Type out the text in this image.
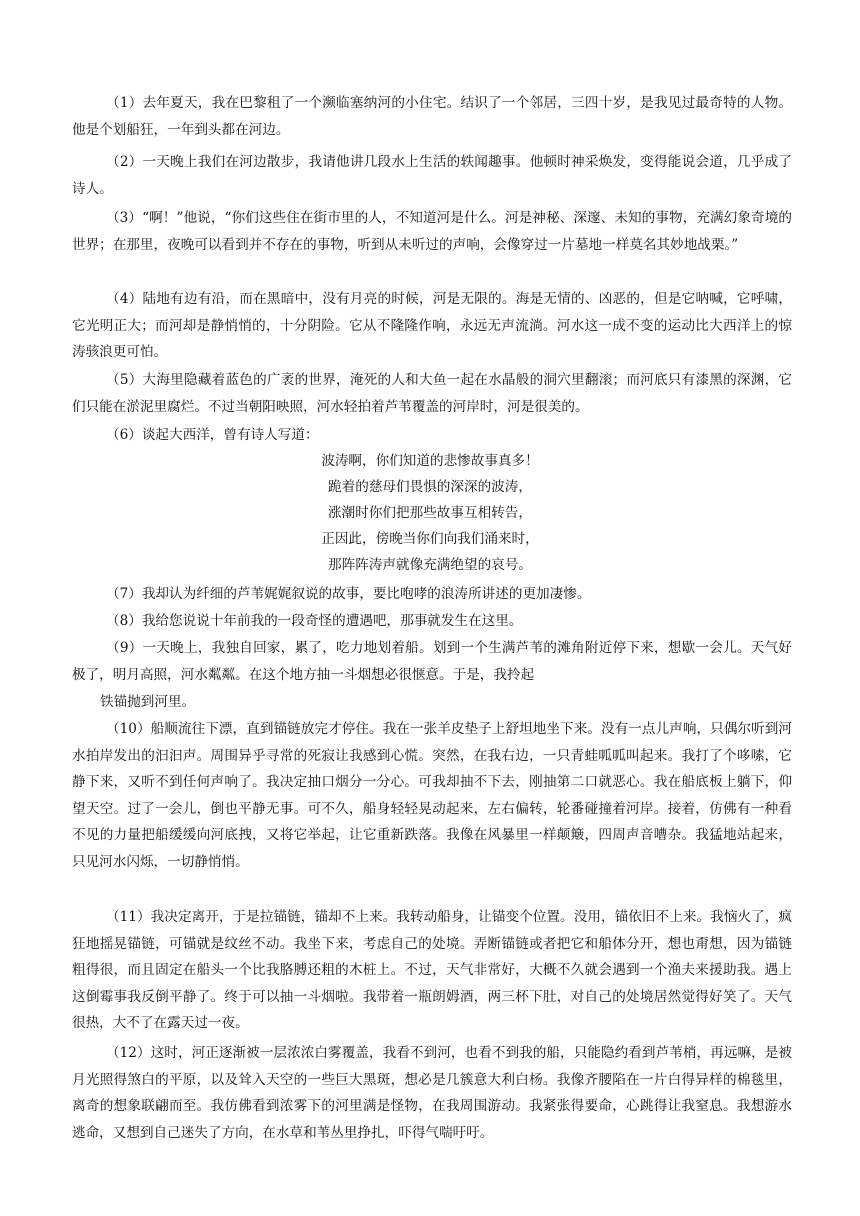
（1）去年夏天，我在巴黎租了一个濒临塞纳河的小住宅。结识了一个邻居，三四十岁，是我见过最奇特的人物。他是个划船狂，一年到头都在河边。

（2）一天晚上我们在河边散步，我请他讲几段水上生活的轶闻趣事。他顿时神采焕发，变得能说会道，几乎成了诗人。

（3）“啊！”他说，“你们这些住在街市里的人，不知道河是什么。河是神秘、深邃、未知的事物，充满幻象奇境的世界；在那里，夜晚可以看到并不存在的事物，听到从未听过的声响，会像穿过一片墓地一样莫名其妙地战栗。”

（4）陆地有边有沿，而在黑暗中，没有月亮的时候，河是无限的。海是无情的、凶恶的，但是它呐喊，它呼啸，它光明正大；而河却是静悄悄的，十分阴险。它从不隆隆作响，永远无声流淌。河水这一成不变的运动比大西洋上的惊涛骇浪更可怕。

（5）大海里隐藏着蓝色的广袤的世界，淹死的人和大鱼一起在水晶般的洞穴里翻滚；而河底只有漆黑的深渊，它们只能在淤泥里腐烂。不过当朝阳映照，河水轻拍着芦苇覆盖的河岸时，河是很美的。

（6）谈起大西洋，曾有诗人写道：

波涛啊，你们知道的悲惨故事真多！
跪着的慈母们畏惧的深深的波涛，
涨潮时你们把那些故事互相转告，
正因此，傍晚当你们向我们涌来时，
那阵阵涛声就像充满绝望的哀号。

（7）我却认为纤细的芦苇娓娓叙说的故事，要比咆哮的浪涛所讲述的更加凄惨。

（8）我给您说说十年前我的一段奇怪的遭遇吧，那事就发生在这里。

（9）一天晚上，我独自回家，累了，吃力地划着船。划到一个生满芦苇的滩角附近停下来，想歇一会儿。天气好极了，明月高照，河水粼粼。在这个地方抽一斗烟想必很惬意。于是，我拎起

铁锚抛到河里。

（10）船顺流往下漂，直到锚链放完才停住。我在一张羊皮垫子上舒坦地坐下来。没有一点儿声响，只偶尔听到河水拍岸发出的汩汩声。周围异乎寻常的死寂让我感到心慌。突然，在我右边，一只青蛙呱呱叫起来。我打了个哆嗦，它静下来，又听不到任何声响了。我决定抽口烟分一分心。可我却抽不下去，刚抽第二口就恶心。我在船底板上躺下，仰望天空。过了一会儿，倒也平静无事。可不久，船身轻轻晃动起来，左右偏转，轮番碰撞着河岸。接着，仿佛有一种看不见的力量把船缓缓向河底拽，又将它举起，让它重新跌落。我像在风暴里一样颠簸，四周声音嘈杂。我猛地站起来，只见河水闪烁，一切静悄悄。

（11）我决定离开，于是拉锚链，锚却不上来。我转动船身，让锚变个位置。没用，锚依旧不上来。我恼火了，疯狂地摇晃锚链，可锚就是纹丝不动。我坐下来，考虑自己的处境。弄断锚链或者把它和船体分开，想也甭想，因为锚链粗得很，而且固定在船头一个比我胳膊还粗的木桩上。不过，天气非常好，大概不久就会遇到一个渔夫来援助我。遇上这倒霉事我反倒平静了。终于可以抽一斗烟啦。我带着一瓶朗姆酒，两三杯下肚，对自己的处境居然觉得好笑了。天气很热，大不了在露天过一夜。

（12）这时，河正逐渐被一层浓浓白雾覆盖，我看不到河，也看不到我的船，只能隐约看到芦苇梢，再远嘛，是被月光照得煞白的平原，以及耸入天空的一些巨大黑斑，想必是几簇意大利白杨。我像齐腰陷在一片白得异样的棉毯里，离奇的想象联翩而至。我仿佛看到浓雾下的河里满是怪物，在我周围游动。我紧张得要命，心跳得让我窒息。我想游水逃命，又想到自己迷失了方向，在水草和苇丛里挣扎，吓得气喘吁吁。
